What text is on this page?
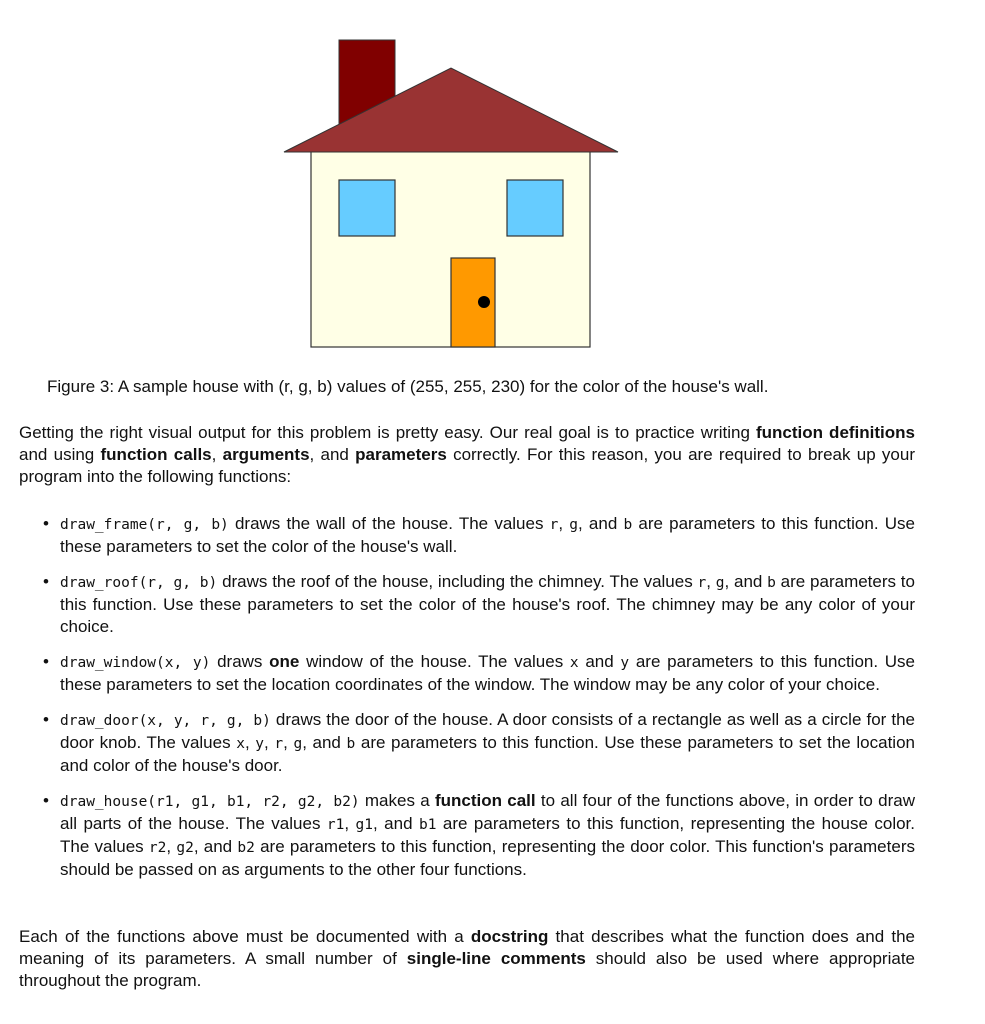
Figure 3: A sample house with (r, g, b) values of (255, 255, 230) for the color of the house's wall.

Getting the right visual output for this problem is pretty easy. Our real goal is to practice writing function definitions and using function calls, arguments, and parameters correctly. For this reason, you are required to break up your program into the following functions:

• draw_frame(r, g, b) draws the wall of the house. The values r, g, and b are parameters to this function. Use these parameters to set the color of the house's wall.
• draw_roof(r, g, b) draws the roof of the house, including the chimney. The values r, g, and b are parameters to this function. Use these parameters to set the color of the house's roof. The chimney may be any color of your choice.
• draw_window(x, y) draws one window of the house. The values x and y are parameters to this function. Use these parameters to set the location coordinates of the window. The window may be any color of your choice.
• draw_door(x, y, r, g, b) draws the door of the house. A door consists of a rectangle as well as a circle for the door knob. The values x, y, r, g, and b are parameters to this function. Use these parameters to set the location and color of the house's door.
• draw_house(r1, g1, b1, r2, g2, b2) makes a function call to all four of the functions above, in order to draw all parts of the house. The values r1, g1, and b1 are parameters to this function, representing the house color. The values r2, g2, and b2 are parameters to this function, representing the door color. This function's parameters should be passed on as arguments to the other four functions.

Each of the functions above must be documented with a docstring that describes what the function does and the meaning of its parameters. A small number of single-line comments should also be used where appropriate throughout the program.
